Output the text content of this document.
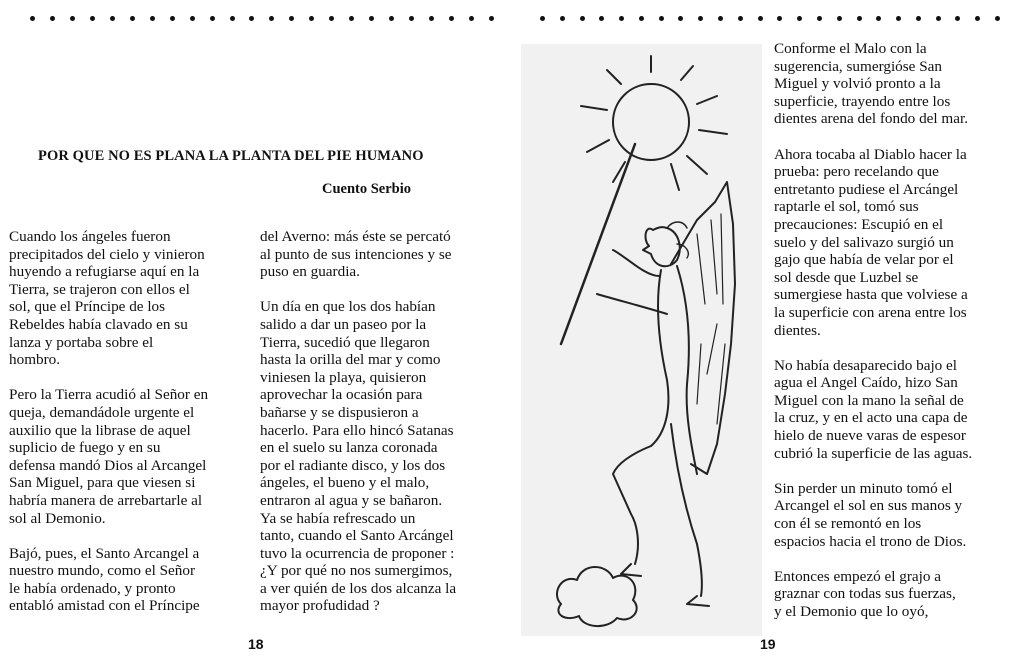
POR QUE NO ES PLANA LA PLANTA DEL PIE HUMANO
Cuento Serbio

Cuando los ángeles fueron
precipitados del cielo y vinieron
huyendo a refugiarse aquí en la
Tierra, se trajeron con ellos el
sol, que el Príncipe de los
Rebeldes había clavado en su
lanza y portaba sobre el
hombro.

Pero la Tierra acudió al Señor en
queja, demandádole urgente el
auxilio que la librase de aquel
suplicio de fuego y en su
defensa mandó Dios al Arcangel
San Miguel, para que viesen si
habría manera de arrebartarle al
sol al Demonio.

Bajó, pues, el Santo Arcangel a
nuestro mundo, como el Señor
le había ordenado, y pronto
entabló amistad con el Príncipe

del Averno: más éste se percató
al punto de sus intenciones y se
puso en guardia.

Un día en que los dos habían
salido a dar un paseo por la
Tierra, sucedió que llegaron
hasta la orilla del mar y como
viniesen la playa, quisieron
aprovechar la ocasión para
bañarse y se dispusieron a
hacerlo. Para ello hincó Satanas
en el suelo su lanza coronada
por el radiante disco, y los dos
ángeles, el bueno y el malo,
entraron al agua y se bañaron.
Ya se había refrescado un
tanto, cuando el Santo Arcángel
tuvo la ocurrencia de proponer :
¿Y por qué no nos sumergimos,
a ver quién de los dos alcanza la
mayor profudidad ?

18

Conforme el Malo con la
sugerencia, sumergióse San
Miguel y volvió pronto a la
superficie, trayendo entre los
dientes arena del fondo del mar.

Ahora tocaba al Diablo hacer la
prueba: pero recelando que
entretanto pudiese el Arcángel
raptarle el sol, tomó sus
precauciones: Escupió en el
suelo y del salivazo surgió un
gajo que había de velar por el
sol desde que Luzbel se
sumergiese hasta que volviese a
la superficie con arena entre los
dientes.

No había desaparecido bajo el
agua el Angel Caído, hizo San
Miguel con la mano la señal de
la cruz, y en el acto una capa de
hielo de nueve varas de espesor
cubrió la superficie de las aguas.

Sin perder un minuto tomó el
Arcangel el sol en sus manos y
con él se remontó en los
espacios hacia el trono de Dios.

Entonces empezó el grajo a
graznar con todas sus fuerzas,
y el Demonio que lo oyó,

19
